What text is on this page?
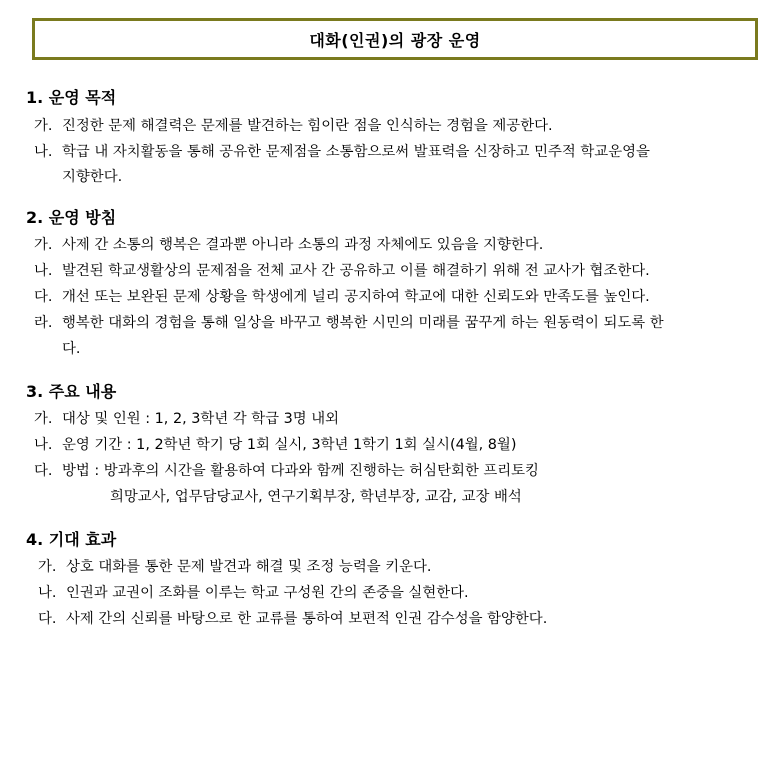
대화(인권)의 광장 운영
1. 운영 목적
가. 진정한 문제 해결력은 문제를 발견하는 힘이란 점을 인식하는 경험을 제공한다.
나. 학급 내 자치활동을 통해 공유한 문제점을 소통함으로써 발표력을 신장하고 민주적 학교운영을
지향한다.
2. 운영 방침
가. 사제 간 소통의 행복은 결과뿐 아니라 소통의 과정 자체에도 있음을 지향한다.
나. 발견된 학교생활상의 문제점을 전체 교사 간 공유하고 이를 해결하기 위해 전 교사가 협조한다.
다. 개선 또는 보완된 문제 상황을 학생에게 널리 공지하여 학교에 대한 신뢰도와 만족도를 높인다.
라. 행복한 대화의 경험을 통해 일상을 바꾸고 행복한 시민의 미래를 꿈꾸게 하는 원동력이 되도록 한
다.
3. 주요 내용
가. 대상 및 인원 : 1, 2, 3학년 각 학급 3명 내외
나. 운영 기간 : 1, 2학년 학기 당 1회 실시, 3학년 1학기 1회 실시(4월, 8월)
다. 방법 : 방과후의 시간을 활용하여 다과와 함께 진행하는 허심탄회한 프리토킹
희망교사, 업무담당교사, 연구기획부장, 학년부장, 교감, 교장 배석
4. 기대 효과
가. 상호 대화를 통한 문제 발견과 해결 및 조정 능력을 키운다.
나. 인권과 교권이 조화를 이루는 학교 구성원 간의 존중을 실현한다.
다. 사제 간의 신뢰를 바탕으로 한 교류를 통하여 보편적 인권 감수성을 함양한다.
